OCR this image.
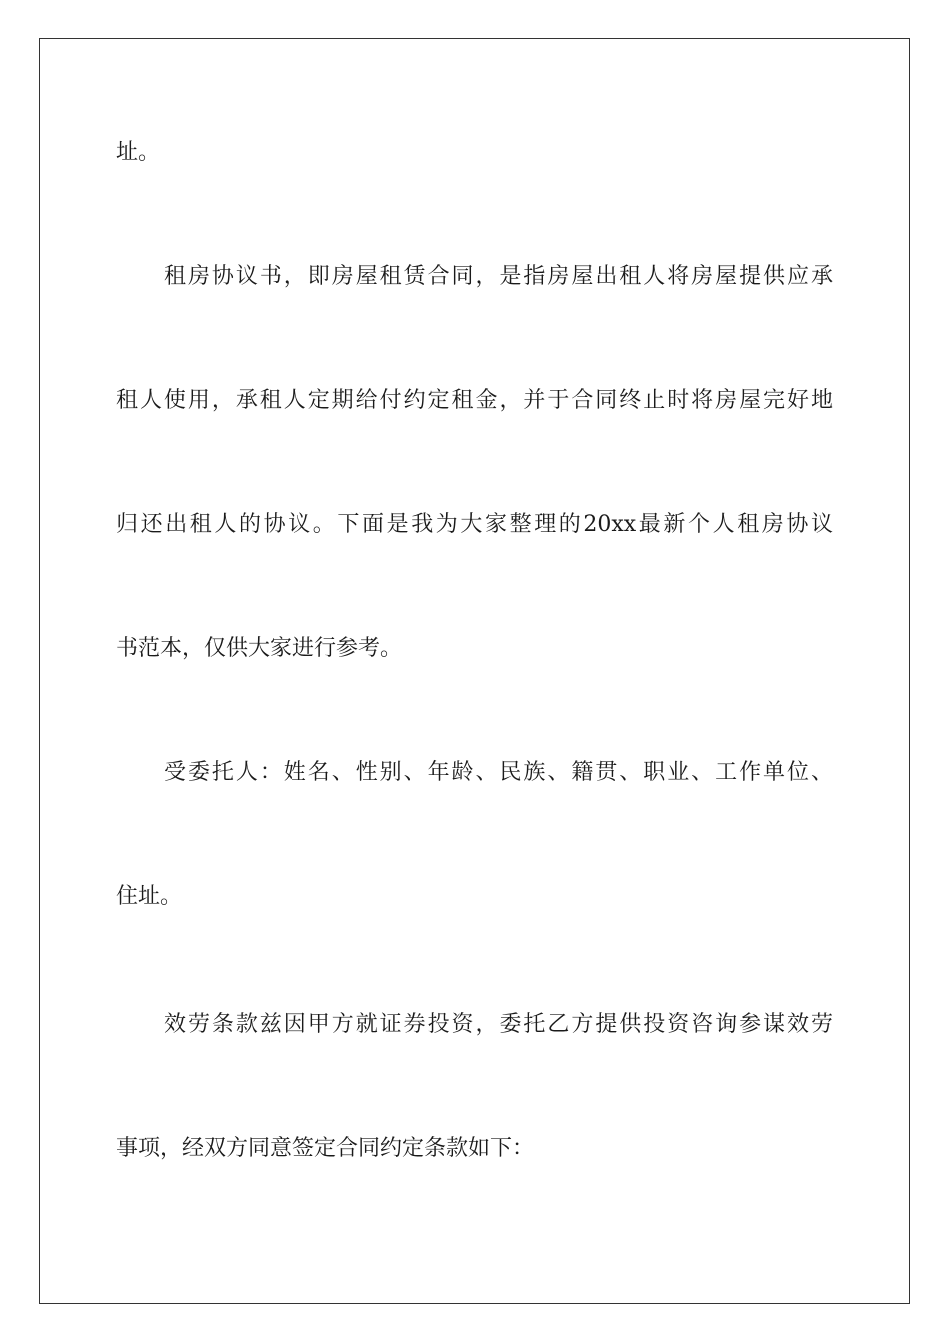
址。

租房协议书，即房屋租赁合同，是指房屋出租人将房屋提供应承

租人使用，承租人定期给付约定租金，并于合同终止时将房屋完好地

归还出租人的协议。下面是我为大家整理的20xx最新个人租房协议

书范本，仅供大家进行参考。

受委托人：姓名、性别、年龄、民族、籍贯、职业、工作单位、

住址。

效劳条款兹因甲方就证券投资，委托乙方提供投资咨询参谋效劳

事项，经双方同意签定合同约定条款如下：
